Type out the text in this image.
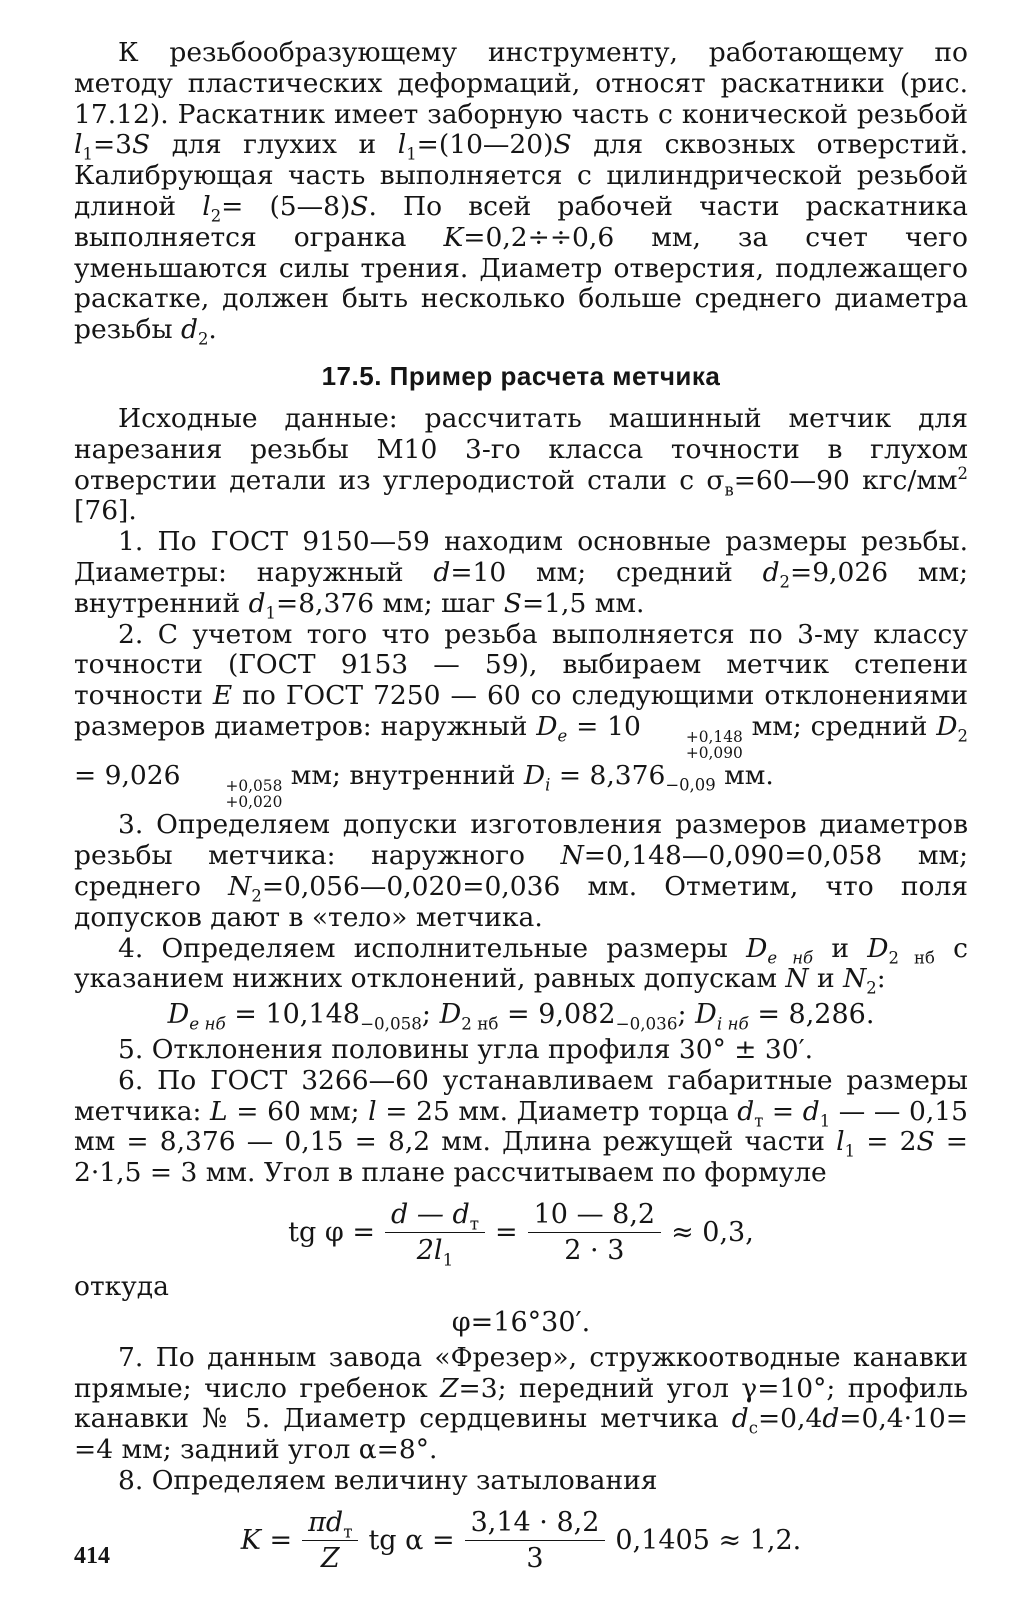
К резьбообразующему инструменту, работающему по методу пластических деформаций, относят раскатники (рис. 17.12). Раскатник имеет заборную часть с конической резьбой $l_1=3S$ для глухих и $l_1=(10—20)S$ для сквозных отверстий. Калибрующая часть выполняется с цилиндрической резьбой длиной $l_2=$ (5—8)S. По всей рабочей части раскатника выполняется огранка K=0,2÷÷0,6 мм, за счет чего уменьшаются силы трения. Диаметр отверстия, подлежащего раскатке, должен быть несколько больше среднего диаметра резьбы $d_2$.

17.5. Пример расчета метчика

Исходные данные: рассчитать машинный метчик для нарезания резьбы М10 3-го класса точности в глухом отверстии детали из углеродистой стали с $\sigma_в=60—90$ кгс/$мм^2$ [76].

1. По ГОСТ 9150—59 находим основные размеры резьбы. Диаметры: наружный d=10 мм; средний $d_2=9,026$ мм; внутренний $d_1=8,376$ мм; шаг S=1,5 мм.

2. С учетом того что резьба выполняется по 3-му классу точности (ГОСТ 9153 — 59), выбираем метчик степени точности E по ГОСТ 7250 — 60 со следующими отклонениями размеров диаметров: наружный $D_e = 10$	+0,148
+0,090
мм; средний $D_2 = 9,026$	+0,058
+0,020
мм; внутренний $D_i = 8,376_{-0,09}$ мм.

3. Определяем допуски изготовления размеров диаметров резьбы метчика: наружного N=0,148—0,090=0,058 мм; среднего $N_2=0,056—0,020=0,036$ мм. Отметим, что поля допусков дают в «тело» метчика.

4. Определяем исполнительные размеры $D_{e нб}$ и $D_{2 нб}$ с указанием нижних отклонений, равных допускам N и $N_2$:

$D_{e нб} = 10,148_{-0,058}$; $D_{2 нб} = 9,082_{-0,036}$; $D_{i нб} = 8,286$.

5. Отклонения половины угла профиля 30° ± 30′.

6. По ГОСТ 3266—60 устанавливаем габаритные размеры метчика: L = 60 мм; l = 25 мм. Диаметр торца $d_т = d_1$ — — 0,15 мм = 8,376 — 0,15 = 8,2 мм. Длина режущей части $l_1 = 2S = 2\cdot 1,5 = 3$ мм. Угол в плане рассчитываем по формуле

tg $\varphi = \frac{d — d_т}{2l_1} = \frac{10 — 8,2}{2 \cdot 3} \approx 0,3$,

откуда

φ=16°30′.

7. По данным завода «Фрезер», стружкоотводные канавки прямые; число гребенок Z=3; передний угол γ=10°; профиль канавки № 5. Диаметр сердцевины метчика $d_c=0,4d=0,4\cdot 10= =4$ мм; задний угол α=8°.

8. Определяем величину затылования

$K = \frac{\pi d_т}{Z}$ tg $\alpha = \frac{3,14 \cdot 8,2}{3} 0,1405 \approx 1,2$.
414
